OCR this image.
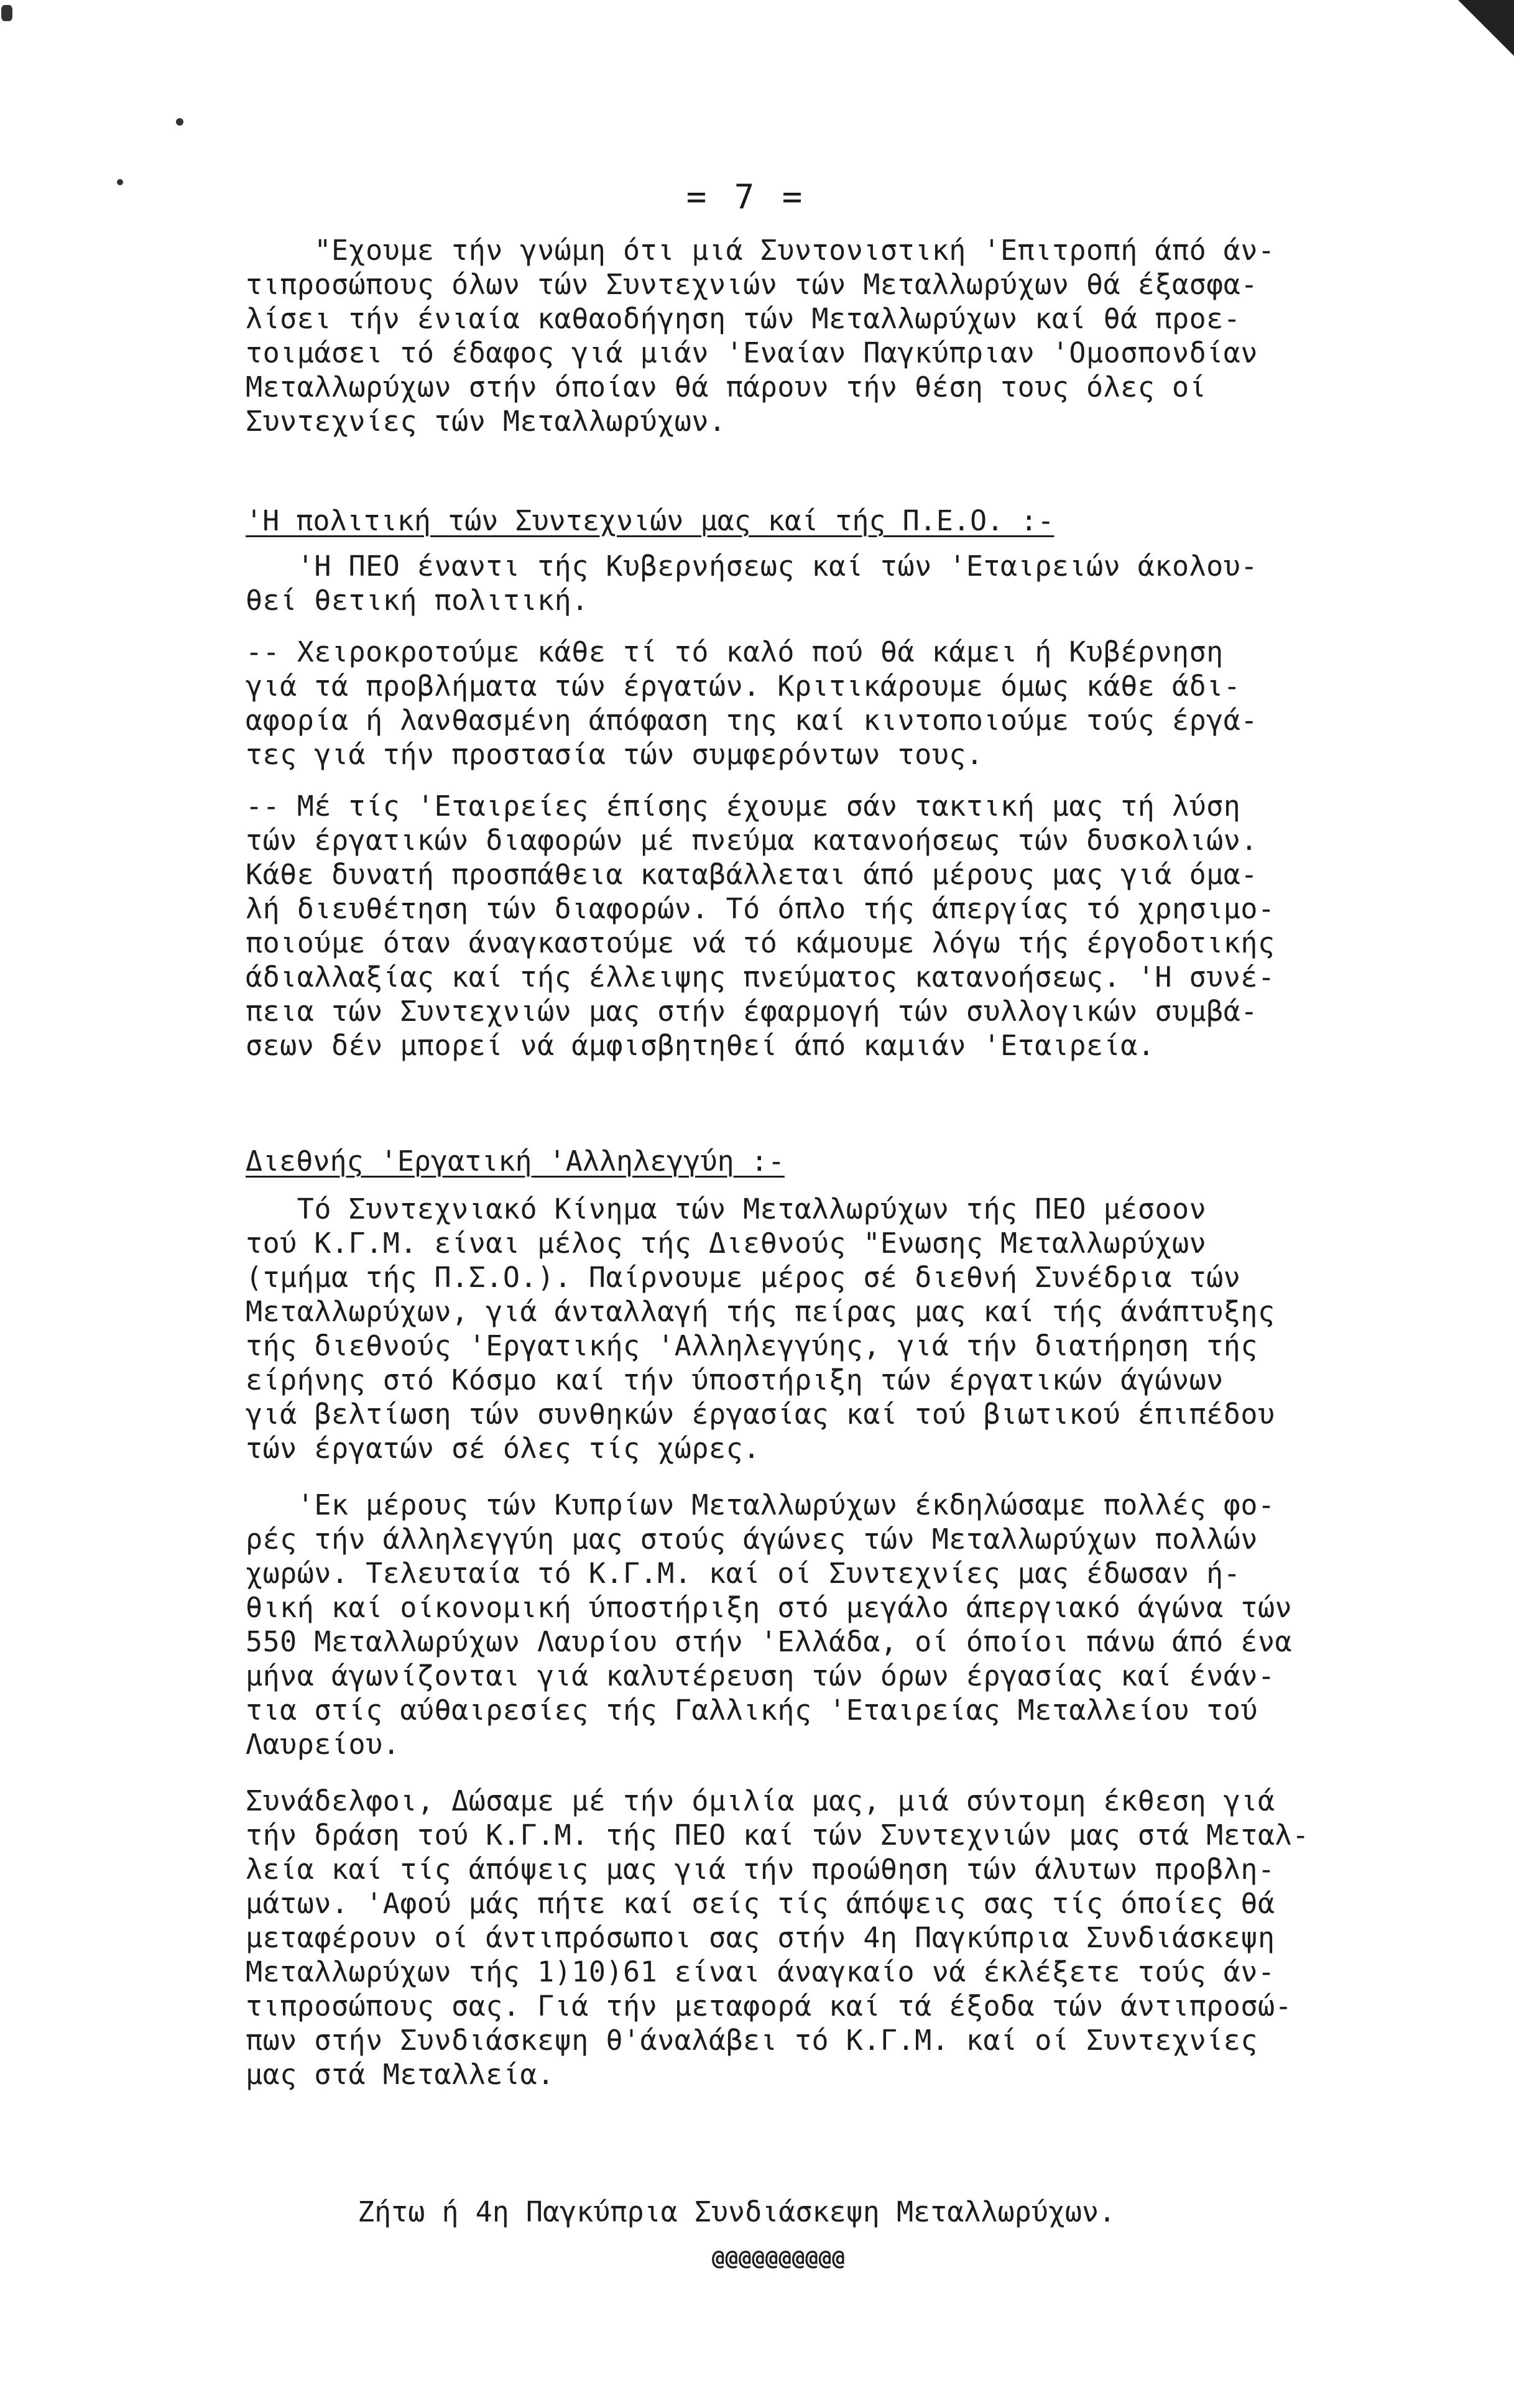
= 7 =
"Εχουμε τήν γνώμη ότι μιά Συντονιστική 'Επιτροπή άπό άν-
τιπροσώπους όλων τών Συντεχνιών τών Μεταλλωρύχων θά έξασφα-
λίσει τήν ένιαία καθαοδήγηση τών Μεταλλωρύχων καί θά προε-
τοιμάσει τό έδαφος γιά μιάν 'Εναίαν Παγκύπριαν 'Ομοσπονδίαν
Μεταλλωρύχων στήν όποίαν θά πάρουν τήν θέση τους όλες οί
Συντεχνίες τών Μεταλλωρύχων.
'Η πολιτική τών Συντεχνιών μας καί τής Π.Ε.Ο. :-
'Η ΠΕΟ έναντι τής Κυβερνήσεως καί τών 'Εταιρειών άκολου-
θεί θετική πολιτική.
-- Χειροκροτούμε κάθε τί τό καλό πού θά κάμει ή Κυβέρνηση
γιά τά προβλήματα τών έργατών. Κριτικάρουμε όμως κάθε άδι-
αφορία ή λανθασμένη άπόφαση της καί κιντοποιούμε τούς έργά-
τες γιά τήν προστασία τών συμφερόντων τους.
-- Μέ τίς 'Εταιρείες έπίσης έχουμε σάν τακτική μας τή λύση
τών έργατικών διαφορών μέ πνεύμα κατανοήσεως τών δυσκολιών.
Κάθε δυνατή προσπάθεια καταβάλλεται άπό μέρους μας γιά όμα-
λή διευθέτηση τών διαφορών. Τό όπλο τής άπεργίας τό χρησιμο-
ποιούμε όταν άναγκαστούμε νά τό κάμουμε λόγω τής έργοδοτικής
άδιαλλαξίας καί τής έλλειψης πνεύματος κατανοήσεως. 'Η συνέ-
πεια τών Συντεχνιών μας στήν έφαρμογή τών συλλογικών συμβά-
σεων δέν μπορεί νά άμφισβητηθεί άπό καμιάν 'Εταιρεία.
Διεθνής 'Εργατική 'Αλληλεγγύη :-
Τό Συντεχνιακό Κίνημα τών Μεταλλωρύχων τής ΠΕΟ μέσοον
τού Κ.Γ.Μ. είναι μέλος τής Διεθνούς "Ενωσης Μεταλλωρύχων
(τμήμα τής Π.Σ.Ο.). Παίρνουμε μέρος σέ διεθνή Συνέδρια τών
Μεταλλωρύχων, γιά άνταλλαγή τής πείρας μας καί τής άνάπτυξης
τής διεθνούς 'Εργατικής 'Αλληλεγγύης, γιά τήν διατήρηση τής
είρήνης στό Κόσμο καί τήν ύποστήριξη τών έργατικών άγώνων
γιά βελτίωση τών συνθηκών έργασίας καί τού βιωτικού έπιπέδου
τών έργατών σέ όλες τίς χώρες.
'Εκ μέρους τών Κυπρίων Μεταλλωρύχων έκδηλώσαμε πολλές φο-
ρές τήν άλληλεγγύη μας στούς άγώνες τών Μεταλλωρύχων πολλών
χωρών. Τελευταία τό Κ.Γ.Μ. καί οί Συντεχνίες μας έδωσαν ή-
θική καί οίκονομική ύποστήριξη στό μεγάλο άπεργιακό άγώνα τών
550 Μεταλλωρύχων Λαυρίου στήν 'Ελλάδα, οί όποίοι πάνω άπό ένα
μήνα άγωνίζονται γιά καλυτέρευση τών όρων έργασίας καί ένάν-
τια στίς αύθαιρεσίες τής Γαλλικής 'Εταιρείας Μεταλλείου τού
Λαυρείου.
Συνάδελφοι, Δώσαμε μέ τήν όμιλία μας, μιά σύντομη έκθεση γιά
τήν δράση τού Κ.Γ.Μ. τής ΠΕΟ καί τών Συντεχνιών μας στά Μεταλ-
λεία καί τίς άπόψεις μας γιά τήν προώθηση τών άλυτων προβλη-
μάτων. 'Αφού μάς πήτε καί σείς τίς άπόψεις σας τίς όποίες θά
μεταφέρουν οί άντιπρόσωποι σας στήν 4η Παγκύπρια Συνδιάσκεψη
Μεταλλωρύχων τής 1)10)61 είναι άναγκαίο νά έκλέξετε τούς άν-
τιπροσώπους σας. Γιά τήν μεταφορά καί τά έξοδα τών άντιπροσώ-
πων στήν Συνδιάσκεψη θ'άναλάβει τό Κ.Γ.Μ. καί οί Συντεχνίες
μας στά Μεταλλεία.
Ζήτω ή 4η Παγκύπρια Συνδιάσκεψη Μεταλλωρύχων.
@@@@@@@@@@
